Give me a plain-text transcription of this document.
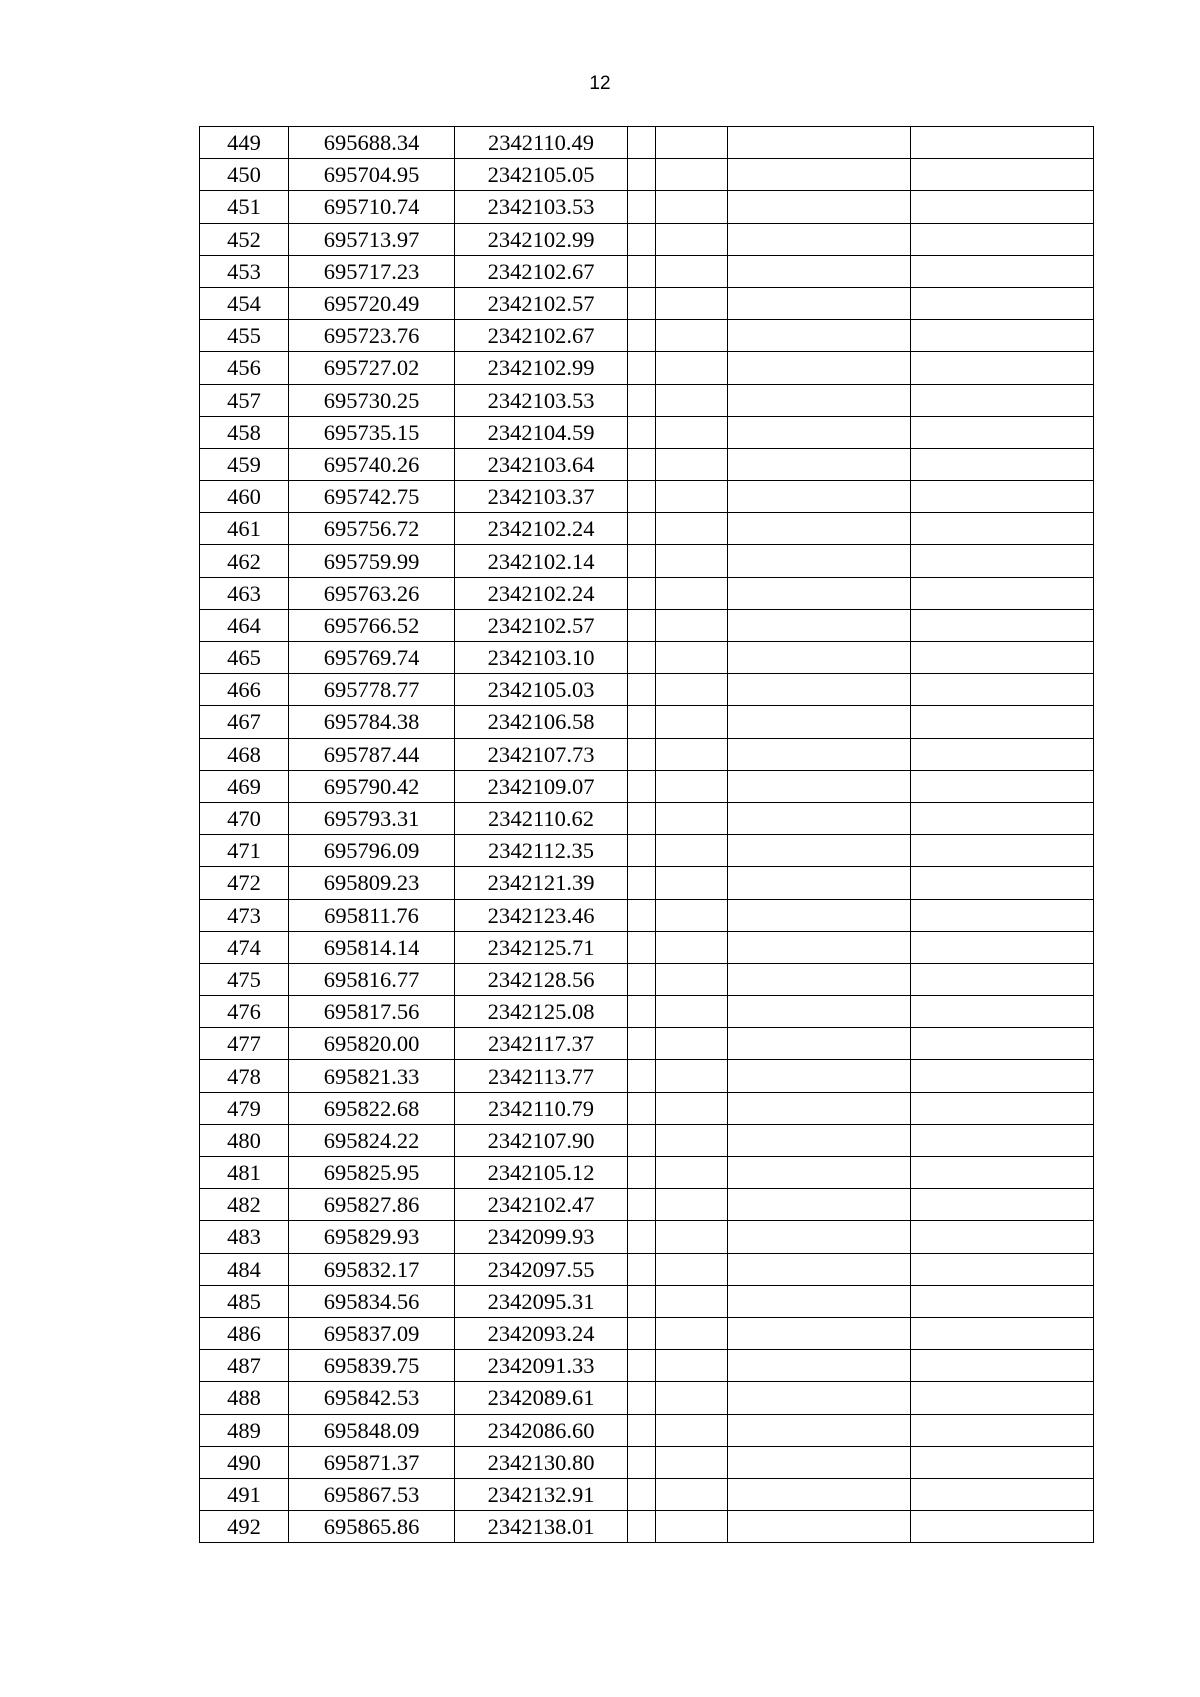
12
449	695688.34	2342110.49				
450	695704.95	2342105.05				
451	695710.74	2342103.53				
452	695713.97	2342102.99				
453	695717.23	2342102.67				
454	695720.49	2342102.57				
455	695723.76	2342102.67				
456	695727.02	2342102.99				
457	695730.25	2342103.53				
458	695735.15	2342104.59				
459	695740.26	2342103.64				
460	695742.75	2342103.37				
461	695756.72	2342102.24				
462	695759.99	2342102.14				
463	695763.26	2342102.24				
464	695766.52	2342102.57				
465	695769.74	2342103.10				
466	695778.77	2342105.03				
467	695784.38	2342106.58				
468	695787.44	2342107.73				
469	695790.42	2342109.07				
470	695793.31	2342110.62				
471	695796.09	2342112.35				
472	695809.23	2342121.39				
473	695811.76	2342123.46				
474	695814.14	2342125.71				
475	695816.77	2342128.56				
476	695817.56	2342125.08				
477	695820.00	2342117.37				
478	695821.33	2342113.77				
479	695822.68	2342110.79				
480	695824.22	2342107.90				
481	695825.95	2342105.12				
482	695827.86	2342102.47				
483	695829.93	2342099.93				
484	695832.17	2342097.55				
485	695834.56	2342095.31				
486	695837.09	2342093.24				
487	695839.75	2342091.33				
488	695842.53	2342089.61				
489	695848.09	2342086.60				
490	695871.37	2342130.80				
491	695867.53	2342132.91				
492	695865.86	2342138.01				
